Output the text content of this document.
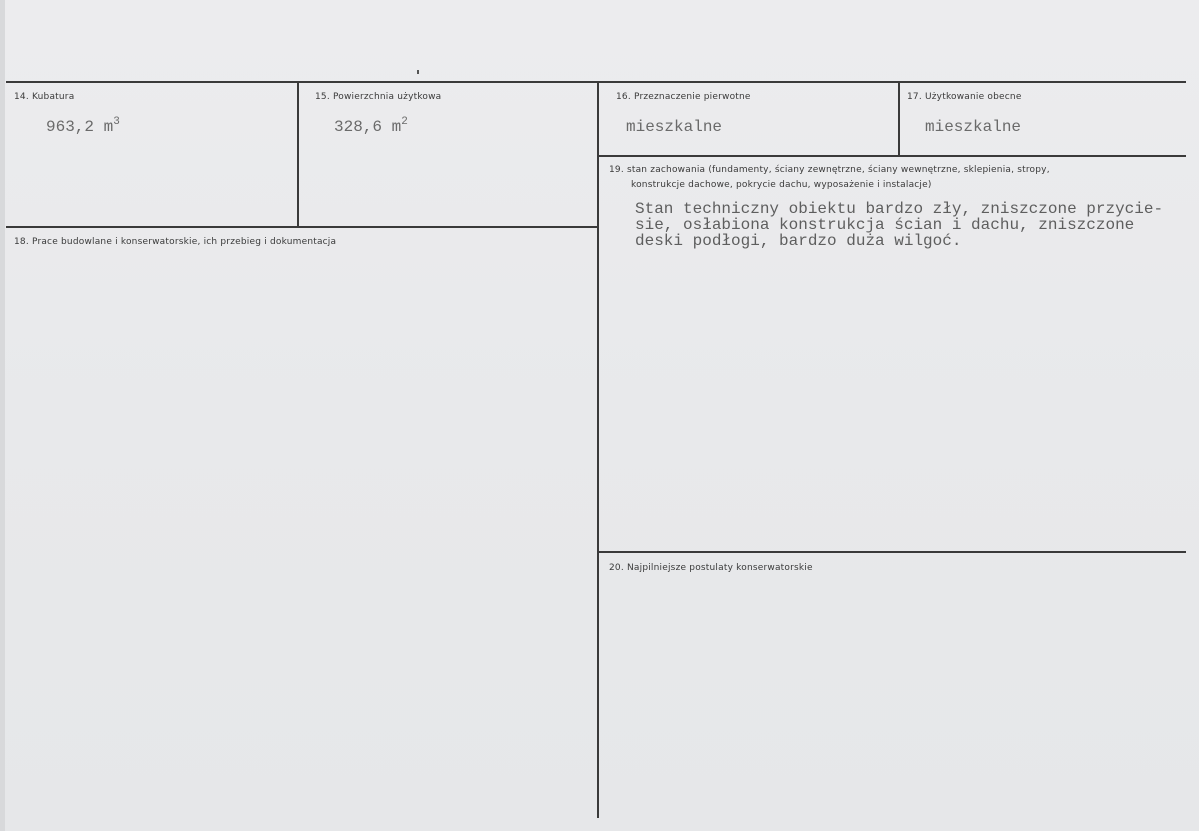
14. Kubatura
963,2 $m^3$
15. Powierzchnia użytkowa
328,6 $m^2$
16. Przeznaczenie pierwotne
mieszkalne
17. Użytkowanie obecne
mieszkalne
18. Prace budowlane i konserwatorskie, ich przebieg i dokumentacja
19. stan zachowania (fundamenty, ściany zewnętrzne, ściany wewnętrzne, sklepienia, stropy,
konstrukcje dachowe, pokrycie dachu, wyposażenie i instalacje)
Stan techniczny obiektu bardzo zły, zniszczone przycie-
sie, osłabiona konstrukcja ścian i dachu, zniszczone
deski podłogi, bardzo duża wilgoć.
20. Najpilniejsze postulaty konserwatorskie
